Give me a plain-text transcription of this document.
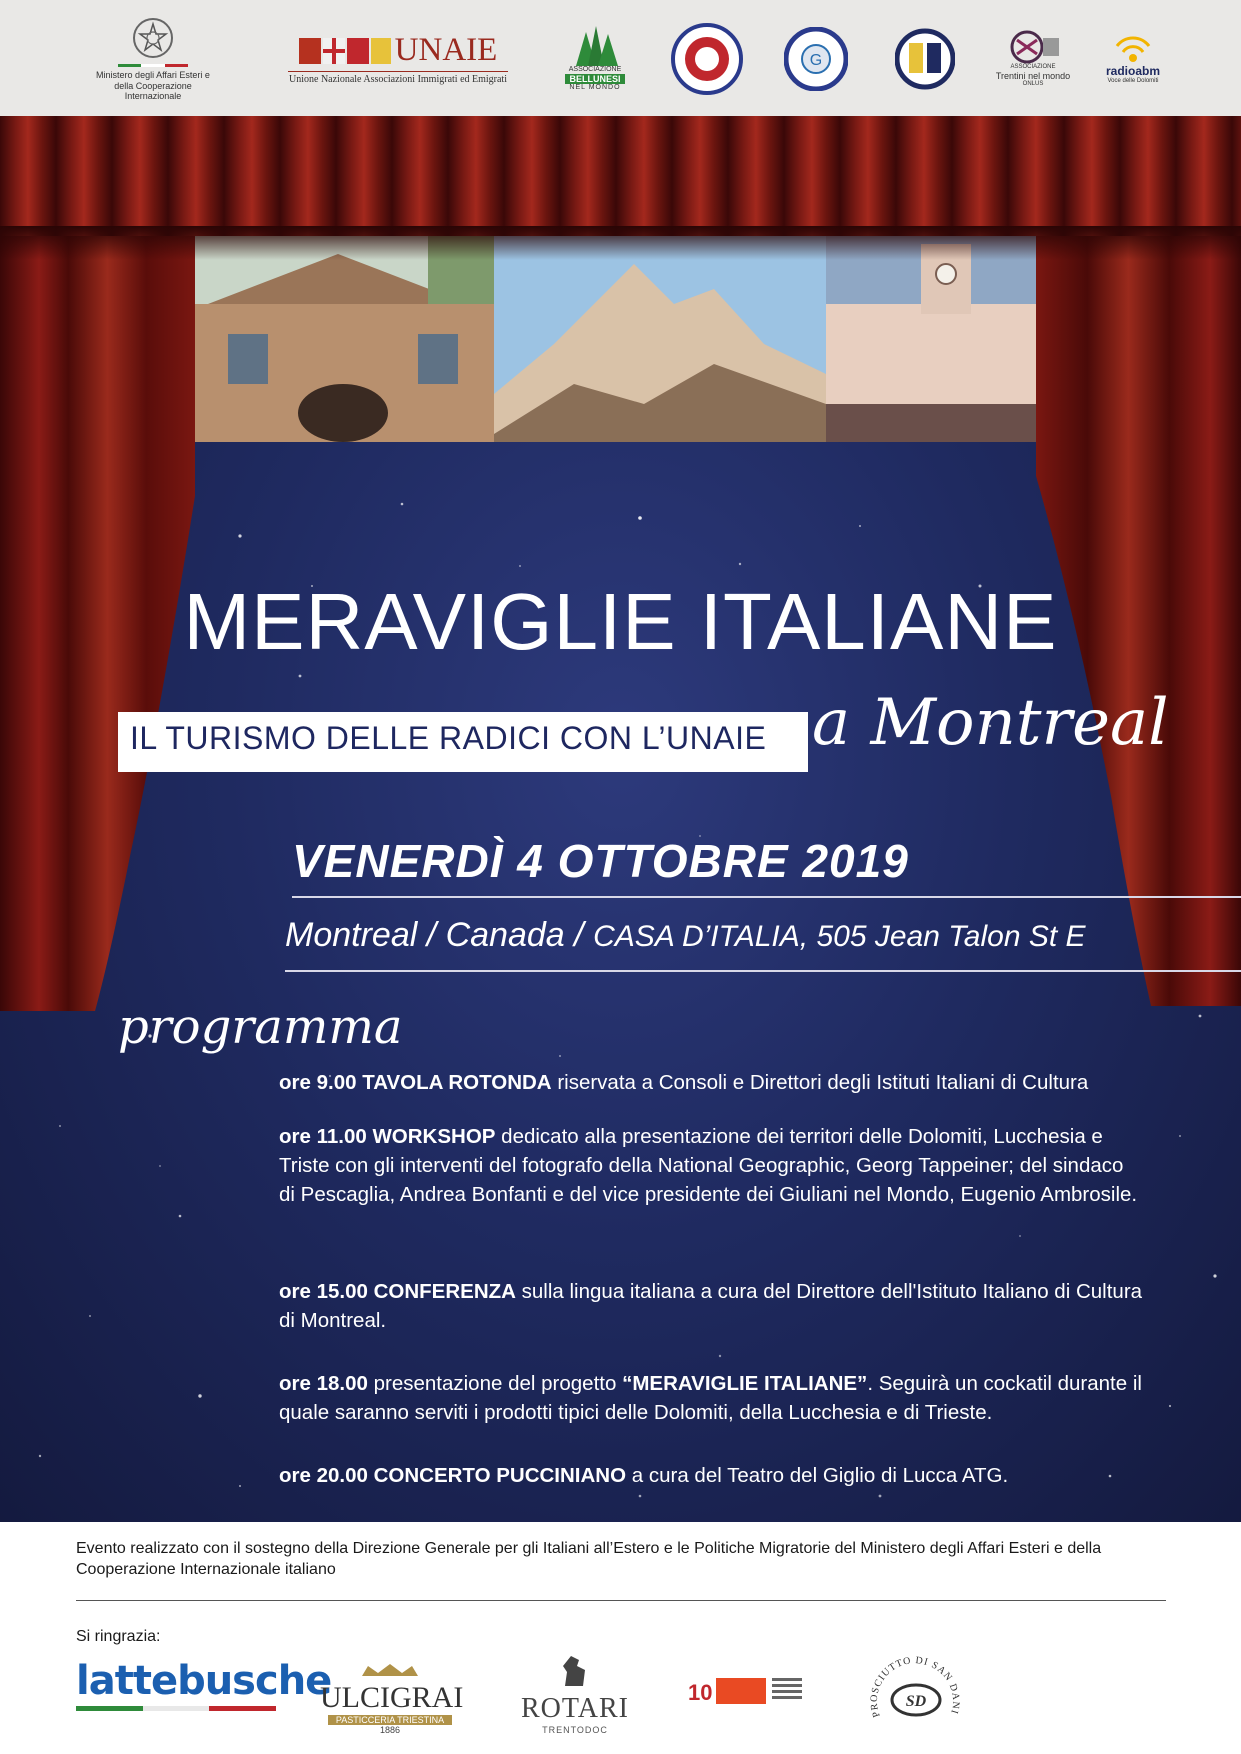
Ministero degli Affari Esteri e della Cooperazione Internazionale
UNAIE
Unione Nazionale Associazioni Immigrati ed Emigrati
ASSOCIAZIONE
BELLUNESI
NEL MONDO
G	ASSOCIAZIONE
Trentini nel mondo
ONLUS
radioabm
Voce delle Dolomiti
MERAVIGLIE ITALIANE
IL TURISMO DELLE RADICI CON L’UNAIE a Montreal
VENERDÌ 4 OTTOBRE 2019
Montreal / Canada / CASA D’ITALIA, 505 Jean Talon St E
programma
ore 9.00 TAVOLA ROTONDA riservata a Consoli e Direttori degli Istituti Italiani di Cultura
ore 11.00 WORKSHOP dedicato alla presentazione dei territori delle Dolomiti, Lucchesia e Triste con gli interventi del fotografo della National Geographic, Georg Tappeiner; del sindaco di Pescaglia, Andrea Bonfanti e del vice presidente dei Giuliani nel Mondo, Eugenio Ambrosile.
ore 15.00 CONFERENZA sulla lingua italiana a cura del Direttore dell'Istituto Italiano di Cultura di Montreal.
ore 18.00 presentazione del progetto “MERAVIGLIE ITALIANE”. Seguirà un cockatil durante il quale saranno serviti i prodotti tipici delle Dolomiti, della Lucchesia e di Trieste.
ore 20.00 CONCERTO PUCCINIANO a cura del Teatro del Giglio di Lucca ATG.
Evento realizzato con il sostegno della Direzione Generale per gli Italiani all’Estero e le Politiche Migratorie del Ministero degli Affari Esteri e della Cooperazione Internazionale italiano
Si ringrazia:
lattebusche
ULCIGRAI
PASTICCERIA TRIESTINA
1886
ROTARI
TRENTODOC
10
PROSCIUTTO DI SAN DANI
SD
